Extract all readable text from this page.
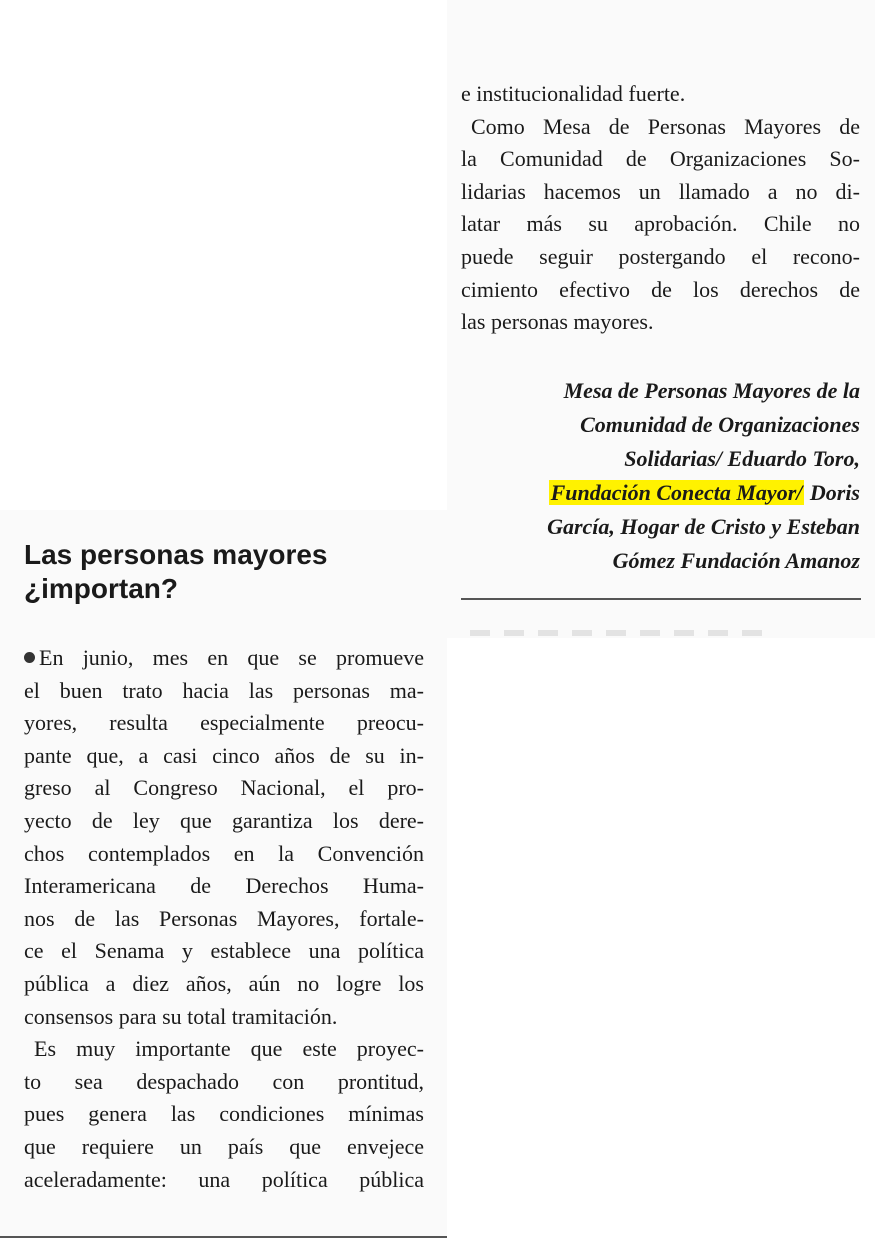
e institucionalidad fuerte.
Como Mesa de Personas Mayores de
la Comunidad de Organizaciones So-
lidarias hacemos un llamado a no di-
latar más su aprobación. Chile no
puede seguir postergando el recono-
cimiento efectivo de los derechos de
las personas mayores.

Mesa de Personas Mayores de la
Comunidad de Organizaciones
Solidarias/ Eduardo Toro,
Fundación Conecta Mayor/ Doris
García, Hogar de Cristo y Esteban
Gómez Fundación Amanoz
Las personas mayores
¿importan?

En junio, mes en que se promueve
el buen trato hacia las personas ma-
yores, resulta especialmente preocu-
pante que, a casi cinco años de su in-
greso al Congreso Nacional, el pro-
yecto de ley que garantiza los dere-
chos contemplados en la Convención
Interamericana de Derechos Huma-
nos de las Personas Mayores, fortale-
ce el Senama y establece una política
pública a diez años, aún no logre los
consensos para su total tramitación.
Es muy importante que este proyec-
to sea despachado con prontitud,
pues genera las condiciones mínimas
que requiere un país que envejece
aceleradamente: una política pública
